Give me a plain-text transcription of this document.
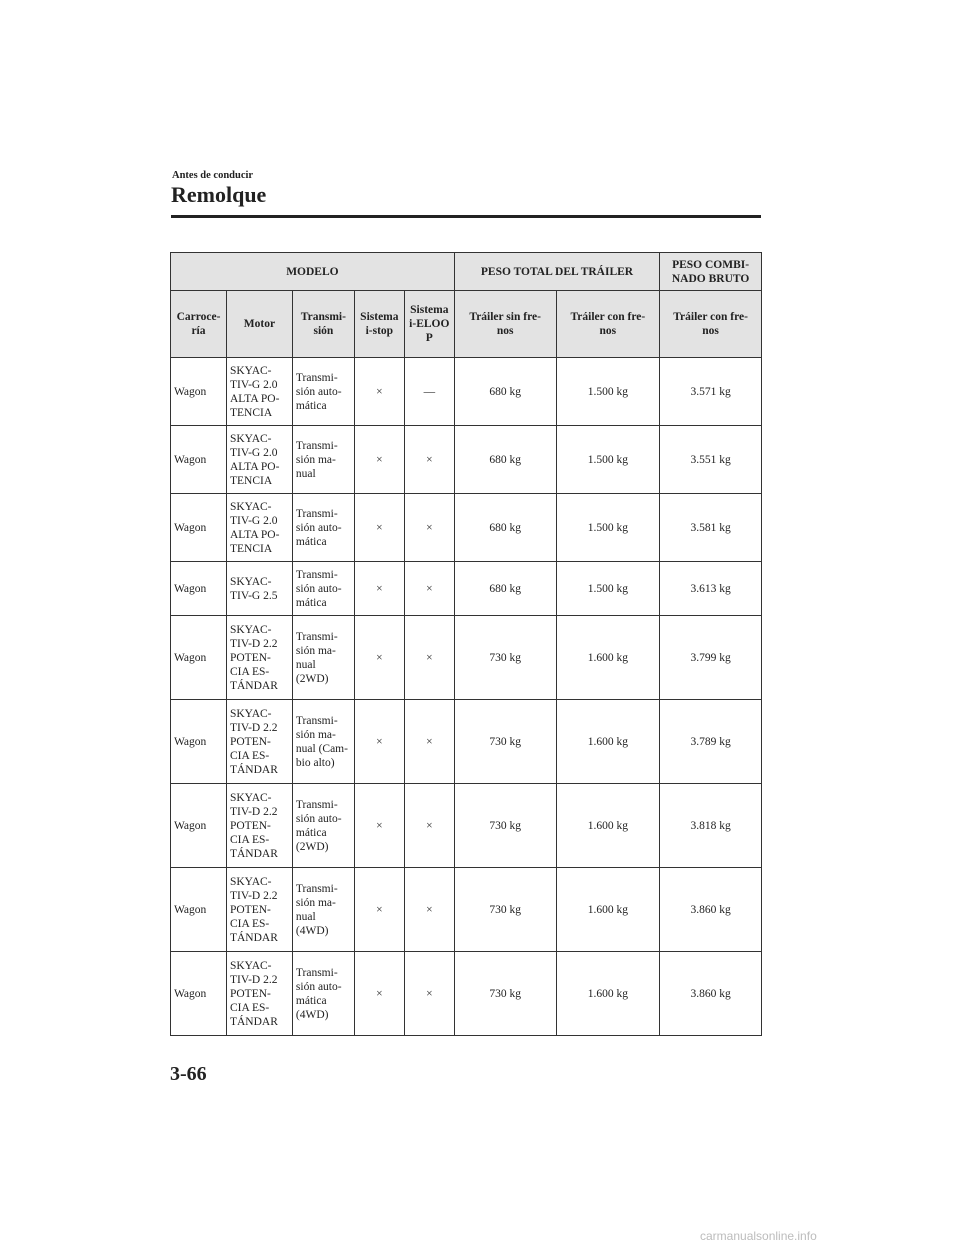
Antes de conducir
Remolque
MODELO					PESO TOTAL DEL TRÁILER		PESO COMBI-
NADO BRUTO

Carroce-
ría	Motor	Transmi-
sión	Sistema
i-stop	Sistema
i-ELOO
P	Tráiler sin fre-
nos	Tráiler con fre-
nos	Tráiler con fre-
nos

Wagon	SKYAC-
TIV-G 2.0
ALTA PO-
TENCIA	Transmi-
sión auto-
mática	×	—	680 kg	1.500 kg	3.571 kg

Wagon	SKYAC-
TIV-G 2.0
ALTA PO-
TENCIA	Transmi-
sión ma-
nual	×	×	680 kg	1.500 kg	3.551 kg

Wagon	SKYAC-
TIV-G 2.0
ALTA PO-
TENCIA	Transmi-
sión auto-
mática	×	×	680 kg	1.500 kg	3.581 kg

Wagon	SKYAC-
TIV-G 2.5	Transmi-
sión auto-
mática	×	×	680 kg	1.500 kg	3.613 kg

Wagon	SKYAC-
TIV-D 2.2
POTEN-
CIA ES-
TÁNDAR	Transmi-
sión ma-
nual
(2WD)	×	×	730 kg	1.600 kg	3.799 kg

Wagon	SKYAC-
TIV-D 2.2
POTEN-
CIA ES-
TÁNDAR	Transmi-
sión ma-
nual (Cam-
bio alto)	×	×	730 kg	1.600 kg	3.789 kg

Wagon	SKYAC-
TIV-D 2.2
POTEN-
CIA ES-
TÁNDAR	Transmi-
sión auto-
mática
(2WD)	×	×	730 kg	1.600 kg	3.818 kg

Wagon	SKYAC-
TIV-D 2.2
POTEN-
CIA ES-
TÁNDAR	Transmi-
sión ma-
nual
(4WD)	×	×	730 kg	1.600 kg	3.860 kg

Wagon	SKYAC-
TIV-D 2.2
POTEN-
CIA ES-
TÁNDAR	Transmi-
sión auto-
mática
(4WD)	×	×	730 kg	1.600 kg	3.860 kg
3-66
carmanualsonline.info
